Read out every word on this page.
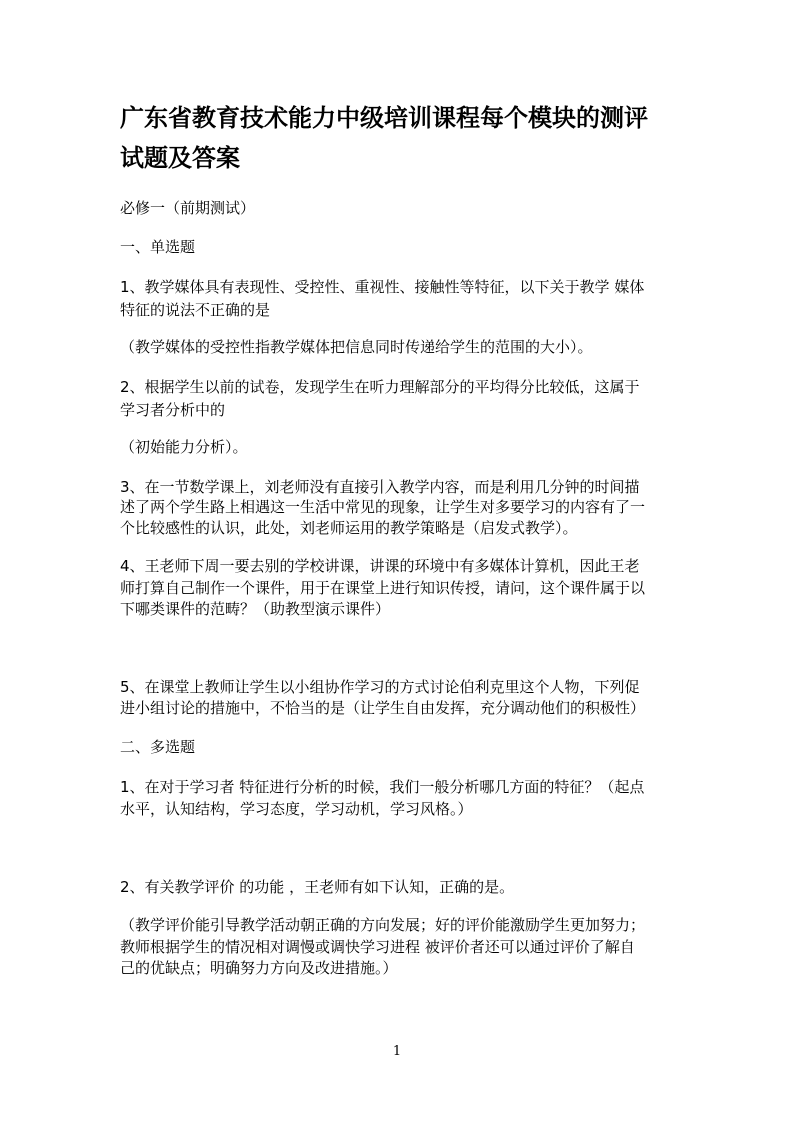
广东省教育技术能力中级培训课程每个模块的测评
试题及答案
必修一（前期测试）
一、单选题
1、教学媒体具有表现性、受控性、重视性、接触性等特征，以下关于教学 媒体
特征的说法不正确的是
（教学媒体的受控性指教学媒体把信息同时传递给学生的范围的大小）。
2、根据学生以前的试卷，发现学生在听力理解部分的平均得分比较低，这属于
学习者分析中的
（初始能力分析）。
3、在一节数学课上，刘老师没有直接引入教学内容，而是利用几分钟的时间描
述了两个学生路上相遇这一生活中常见的现象，让学生对多要学习的内容有了一
个比较感性的认识，此处，刘老师运用的教学策略是（启发式教学）。
4、王老师下周一要去别的学校讲课，讲课的环境中有多媒体计算机，因此王老
师打算自己制作一个课件，用于在课堂上进行知识传授，请问，这个课件属于以
下哪类课件的范畴？（助教型演示课件）
5、在课堂上教师让学生以小组协作学习的方式讨论伯利克里这个人物，下列促
进小组讨论的措施中，不恰当的是（让学生自由发挥，充分调动他们的积极性）
二、多选题
1、在对于学习者 特征进行分析的时候，我们一般分析哪几方面的特征？（起点
水平，认知结构，学习态度，学习动机，学习风格。）
2、有关教学评价 的功能 ，王老师有如下认知，正确的是。
（教学评价能引导教学活动朝正确的方向发展；好的评价能激励学生更加努力；
教师根据学生的情况相对调慢或调快学习进程 被评价者还可以通过评价了解自
己的优缺点；明确努力方向及改进措施。）
1
